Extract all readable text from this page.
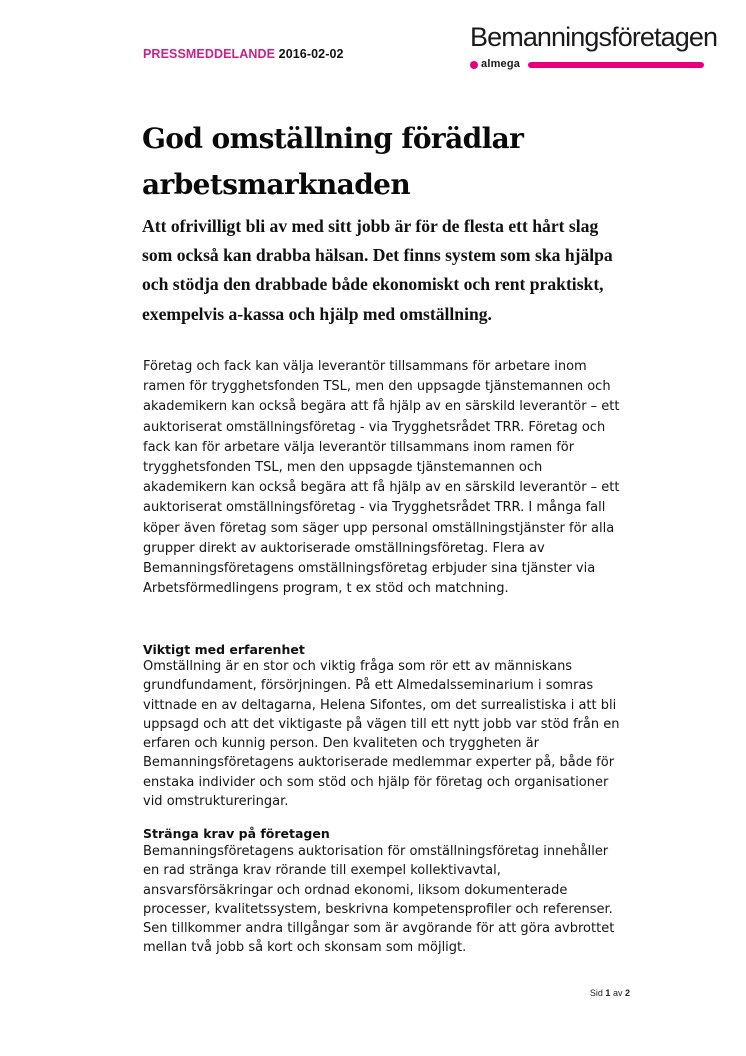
PRESSMEDDELANDE 2016-02-02
Bemanningsföretagen
almega
God omställning förädlar arbetsmarknaden

Att ofrivilligt bli av med sitt jobb är för de flesta ett hårt slag som också kan drabba hälsan. Det finns system som ska hjälpa och stödja den drabbade både ekonomiskt och rent praktiskt, exempelvis a-kassa och hjälp med omställning.

Företag och fack kan välja leverantör tillsammans för arbetare inom ramen för trygghetsfonden TSL, men den uppsagde tjänstemannen och akademikern kan också begära att få hjälp av en särskild leverantör – ett auktoriserat omställningsföretag - via Trygghetsrådet TRR. Företag och fack kan för arbetare välja leverantör tillsammans inom ramen för trygghetsfonden TSL, men den uppsagde tjänstemannen och akademikern kan också begära att få hjälp av en särskild leverantör – ett auktoriserat omställningsföretag - via Trygghetsrådet TRR. I många fall köper även företag som säger upp personal omställningstjänster för alla grupper direkt av auktoriserade omställningsföretag. Flera av Bemanningsföretagens omställningsföretag erbjuder sina tjänster via Arbetsförmedlingens program, t ex stöd och matchning.

Viktigt med erfarenhet

Omställning är en stor och viktig fråga som rör ett av människans grundfundament, försörjningen. På ett Almedalsseminarium i somras vittnade en av deltagarna, Helena Sifontes, om det surrealistiska i att bli uppsagd och att det viktigaste på vägen till ett nytt jobb var stöd från en erfaren och kunnig person. Den kvaliteten och tryggheten är Bemanningsföretagens auktoriserade medlemmar experter på, både för enstaka individer och som stöd och hjälp för företag och organisationer vid omstruktureringar.

Stränga krav på företagen

Bemanningsföretagens auktorisation för omställningsföretag innehåller en rad stränga krav rörande till exempel kollektivavtal, ansvarsförsäkringar och ordnad ekonomi, liksom dokumenterade processer, kvalitetssystem, beskrivna kompetensprofiler och referenser. Sen tillkommer andra tillgångar som är avgörande för att göra avbrottet mellan två jobb så kort och skonsam som möjligt.

Sid 1 av 2
